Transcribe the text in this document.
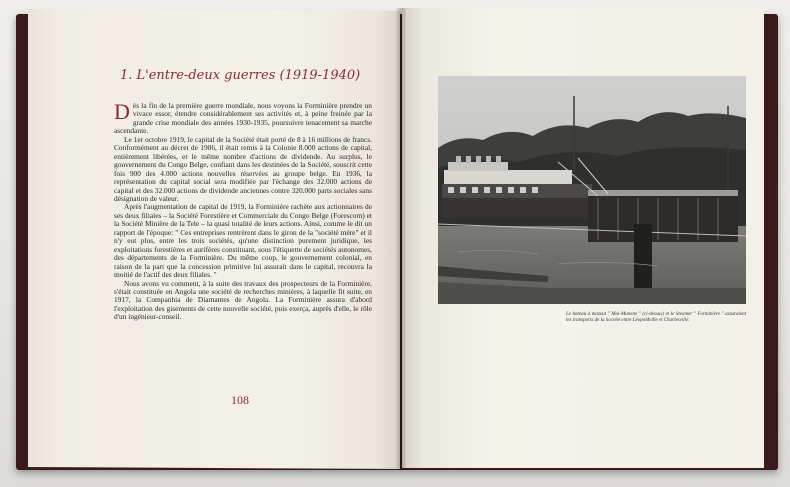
1. L'entre-deux guerres (1919-1940)

Dès la fin de la première guerre mondiale, nous voyons la Forminière prendre un vivace essor, étendre considérablement ses activités et, à peine freinée par la grande crise mondiale des années 1930-1935, poursuivre tenacement sa marche ascendante.

Le 1er octobre 1919, le capital de la Société était porté de 8 à 16 millions de francs. Conformément au décret de 1906, il était remis à la Colonie 8.000 actions de capital, entièrement libérées, et le même nombre d'actions de dividende. Au surplus, le gouvernement du Congo Belge, confiant dans les destinées de la Société, souscrit cette fois 900 des 4.000 actions nouvelles réservées au groupe belge. En 1936, la représentation du capital social sera modifiée par l'échange des 32.000 actions de capital et des 32.000 actions de dividende anciennes contre 320.000 parts sociales sans désignation de valeur.

Après l'augmentation de capital de 1919, la Forminière rachète aux actionnaires de ses deux filiales – la Société Forestière et Commerciale du Congo Belge (Forescom) et la Société Minière de la Tele – la quasi totalité de leurs actions. Ainsi, comme le dit un rapport de l'époque: " Ces entreprises rentrèrent dans le giron de la "société mère" et il n'y eut plus, entre les trois sociétés, qu'une distinction purement juridique, les exploitations forestières et aurifères constituant, sous l'étiquette de sociétés autonomes, des départements de la Forminière. Du même coup, le gouvernement colonial, en raison de la part que la concession primitive lui assurait dans le capital, recouvra la moitié de l'actif des deux filiales. "

Nous avons vu comment, à la suite des travaux des prospecteurs de la Forminière, s'était constituée en Angola une société de recherches minières, à laquelle fit suite, en 1917, la Companhia de Diamantes de Angola. La Forminière assura d'abord l'exploitation des gisements de cette nouvelle société, puis exerça, auprès d'elle, le rôle d'un ingénieur-conseil.

108
Le bateau à mazout " Mai-Munene " (ci-dessus) et le Steamer " Forminière " assuraient les transports de la Société entre Léopoldville et Charlesville.
